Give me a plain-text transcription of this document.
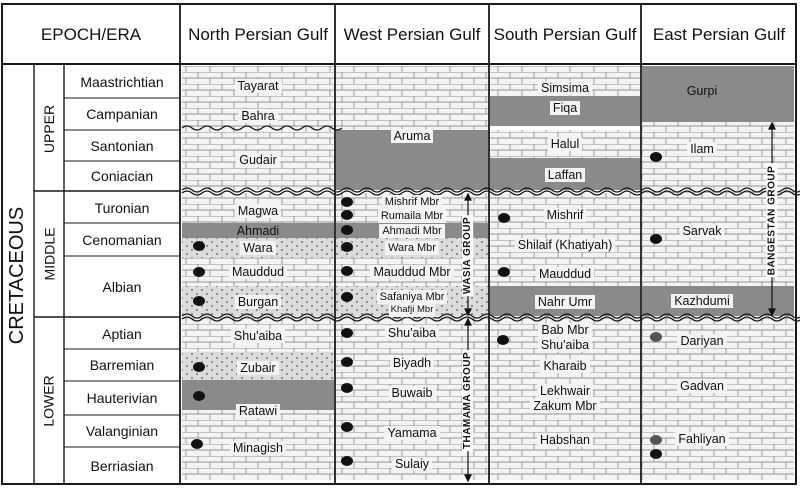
EPOCH/ERA	North Persian Gulf West Persian Gulf South Persian Gulf East Persian Gulf
CRETACEOUS
UPPER
MIDDLE
LOWER
Maastrichtian
Campanian
Santonian
Coniacian
Turonian
Cenomanian
Albian
Aptian
Barremian
Hauterivian
Valanginian
Berriasian
Tayarat
Bahra
Gudair
Magwa
Ahmadi
Wara
Mauddud
Burgan
Shu'aiba
Zubair
Ratawi
Minagish
Aruma
Mishrif Mbr
Rumaila Mbr
Ahmadi Mbr
Wara Mbr
Mauddud Mbr
Safaniya Mbr
Khafji Mbr
Shu'aiba
Biyadh
Buwaib
Yamama
Sulaiy
Simsima
Fiqa
Halul
Laffan
Mishrif
Shilaif (Khatiyah)
Mauddud
Nahr Umr
Bab Mbr
Shu'aiba
Kharaib
Lekhwair
Zakum Mbr
Habshan
Gurpi
Ilam
Sarvak
Kazhdumi
Dariyan
Gadvan
Fahliyan
WASIA GROUP
THAMAMA GROUP
BANGESTAN GROUP
